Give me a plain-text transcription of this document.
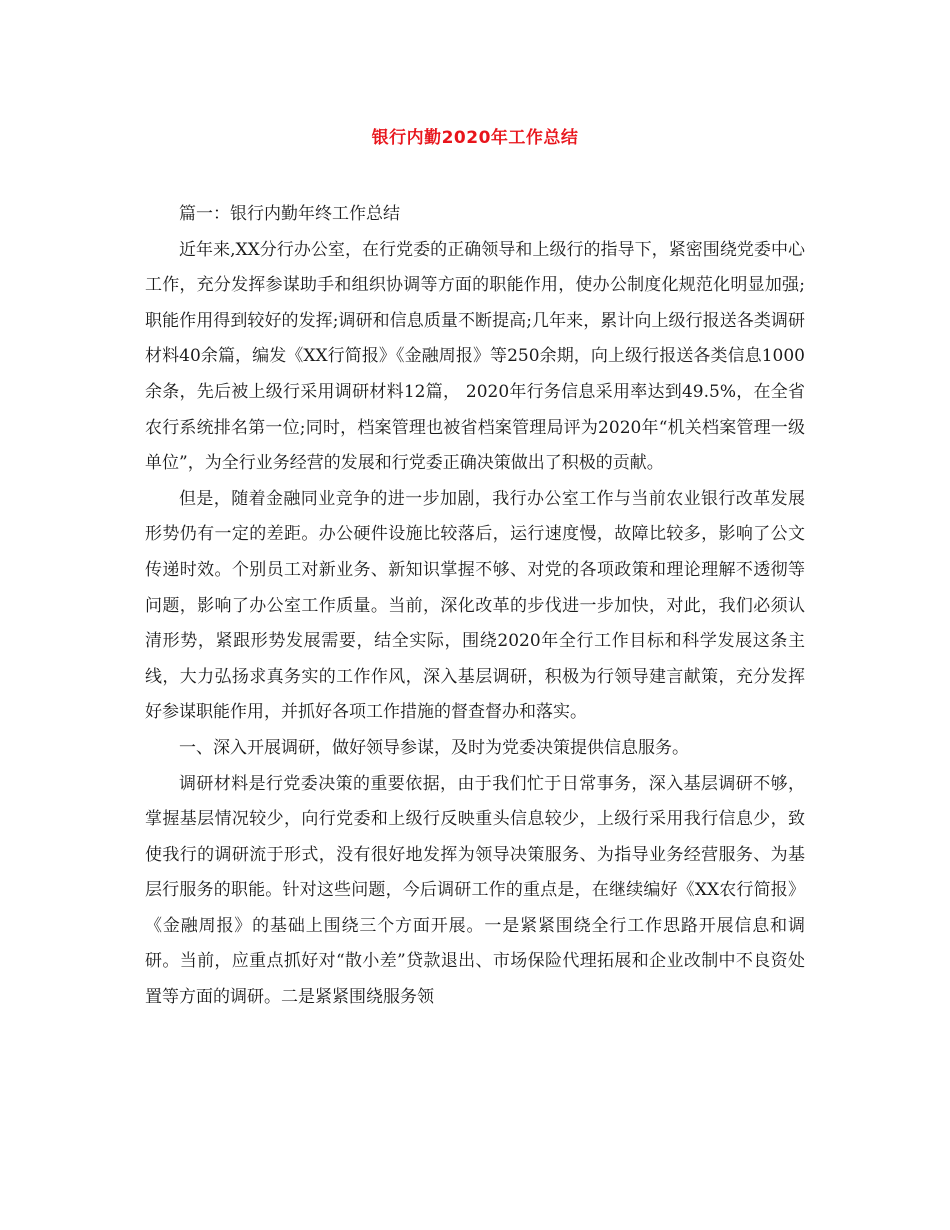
银行内勤2020年工作总结

篇一：银行内勤年终工作总结

近年来,XX分行办公室，在行党委的正确领导和上级行的指导下，紧密围绕党委中心工作，充分发挥参谋助手和组织协调等方面的职能作用，使办公制度化规范化明显加强;职能作用得到较好的发挥;调研和信息质量不断提高;几年来，累计向上级行报送各类调研材料40余篇，编发《XX行简报》《金融周报》等250余期，向上级行报送各类信息1000余条，先后被上级行采用调研材料12篇， 2020年行务信息采用率达到49.5%，在全省农行系统排名第一位;同时，档案管理也被省档案管理局评为2020年“机关档案管理一级单位”，为全行业务经营的发展和行党委正确决策做出了积极的贡献。

但是，随着金融同业竞争的进一步加剧，我行办公室工作与当前农业银行改革发展形势仍有一定的差距。办公硬件设施比较落后，运行速度慢，故障比较多，影响了公文传递时效。个别员工对新业务、新知识掌握不够、对党的各项政策和理论理解不透彻等问题，影响了办公室工作质量。当前，深化改革的步伐进一步加快，对此，我们必须认清形势，紧跟形势发展需要，结全实际，围绕2020年全行工作目标和科学发展这条主线，大力弘扬求真务实的工作作风，深入基层调研，积极为行领导建言献策，充分发挥好参谋职能作用，并抓好各项工作措施的督查督办和落实。

一、深入开展调研，做好领导参谋，及时为党委决策提供信息服务。

调研材料是行党委决策的重要依据，由于我们忙于日常事务，深入基层调研不够，掌握基层情况较少，向行党委和上级行反映重头信息较少，上级行采用我行信息少，致使我行的调研流于形式，没有很好地发挥为领导决策服务、为指导业务经营服务、为基层行服务的职能。针对这些问题，今后调研工作的重点是，在继续编好《XX农行简报》《金融周报》的基础上围绕三个方面开展。一是紧紧围绕全行工作思路开展信息和调研。当前，应重点抓好对“散小差”贷款退出、市场保险代理拓展和企业改制中不良资处置等方面的调研。二是紧紧围绕服务领
